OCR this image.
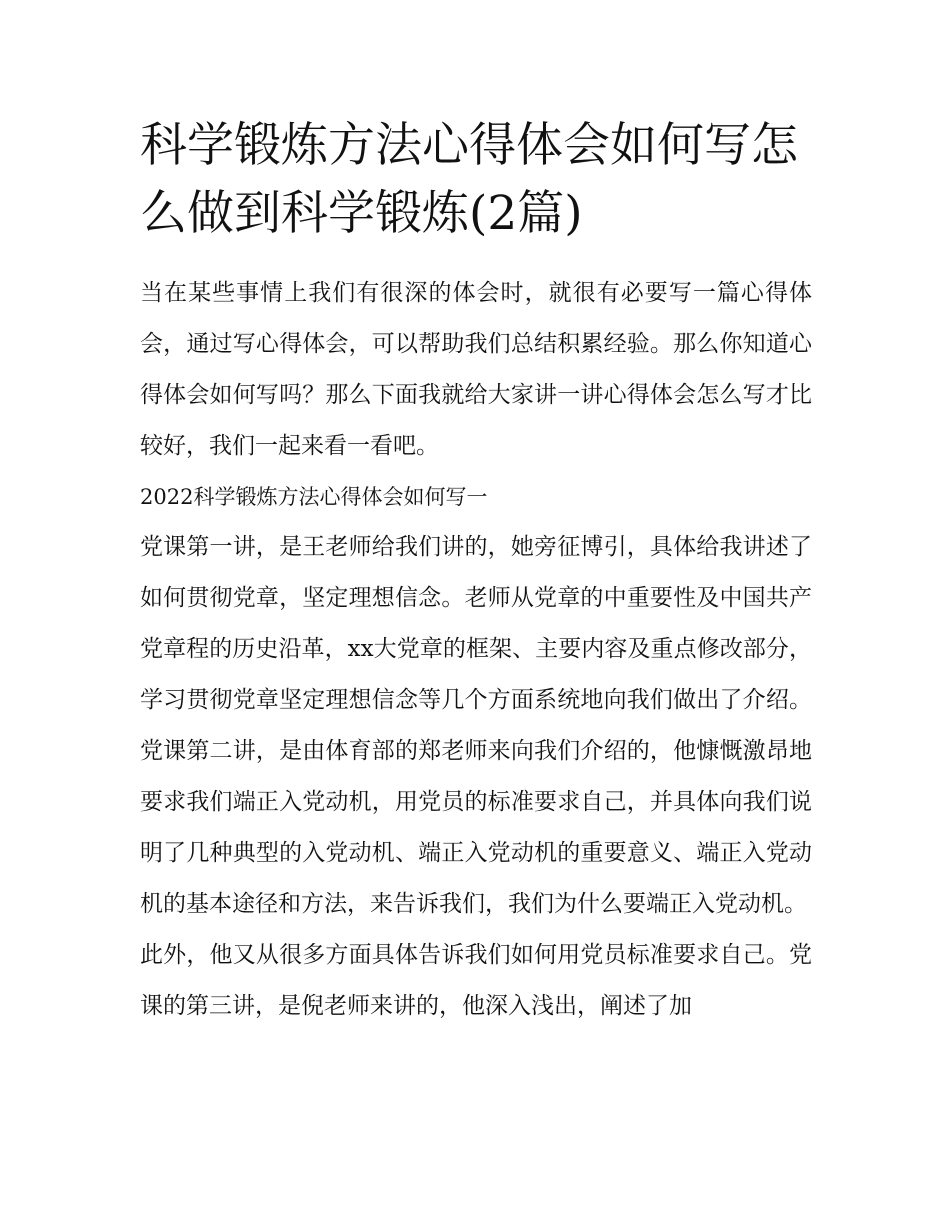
科学锻炼方法心得体会如何写怎么做到科学锻炼(2篇)

当在某些事情上我们有很深的体会时，就很有必要写一篇心得体会，通过写心得体会，可以帮助我们总结积累经验。那么你知道心得体会如何写吗？那么下面我就给大家讲一讲心得体会怎么写才比较好，我们一起来看一看吧。

2022科学锻炼方法心得体会如何写一

党课第一讲，是王老师给我们讲的，她旁征博引，具体给我讲述了如何贯彻党章，坚定理想信念。老师从党章的中重要性及中国共产党章程的历史沿革，xx大党章的框架、主要内容及重点修改部分，学习贯彻党章坚定理想信念等几个方面系统地向我们做出了介绍。党课第二讲，是由体育部的郑老师来向我们介绍的，他慷慨激昂地要求我们端正入党动机，用党员的标准要求自己，并具体向我们说明了几种典型的入党动机、端正入党动机的重要意义、端正入党动机的基本途径和方法，来告诉我们，我们为什么要端正入党动机。

此外，他又从很多方面具体告诉我们如何用党员标准要求自己。党课的第三讲，是倪老师来讲的，他深入浅出，阐述了加
